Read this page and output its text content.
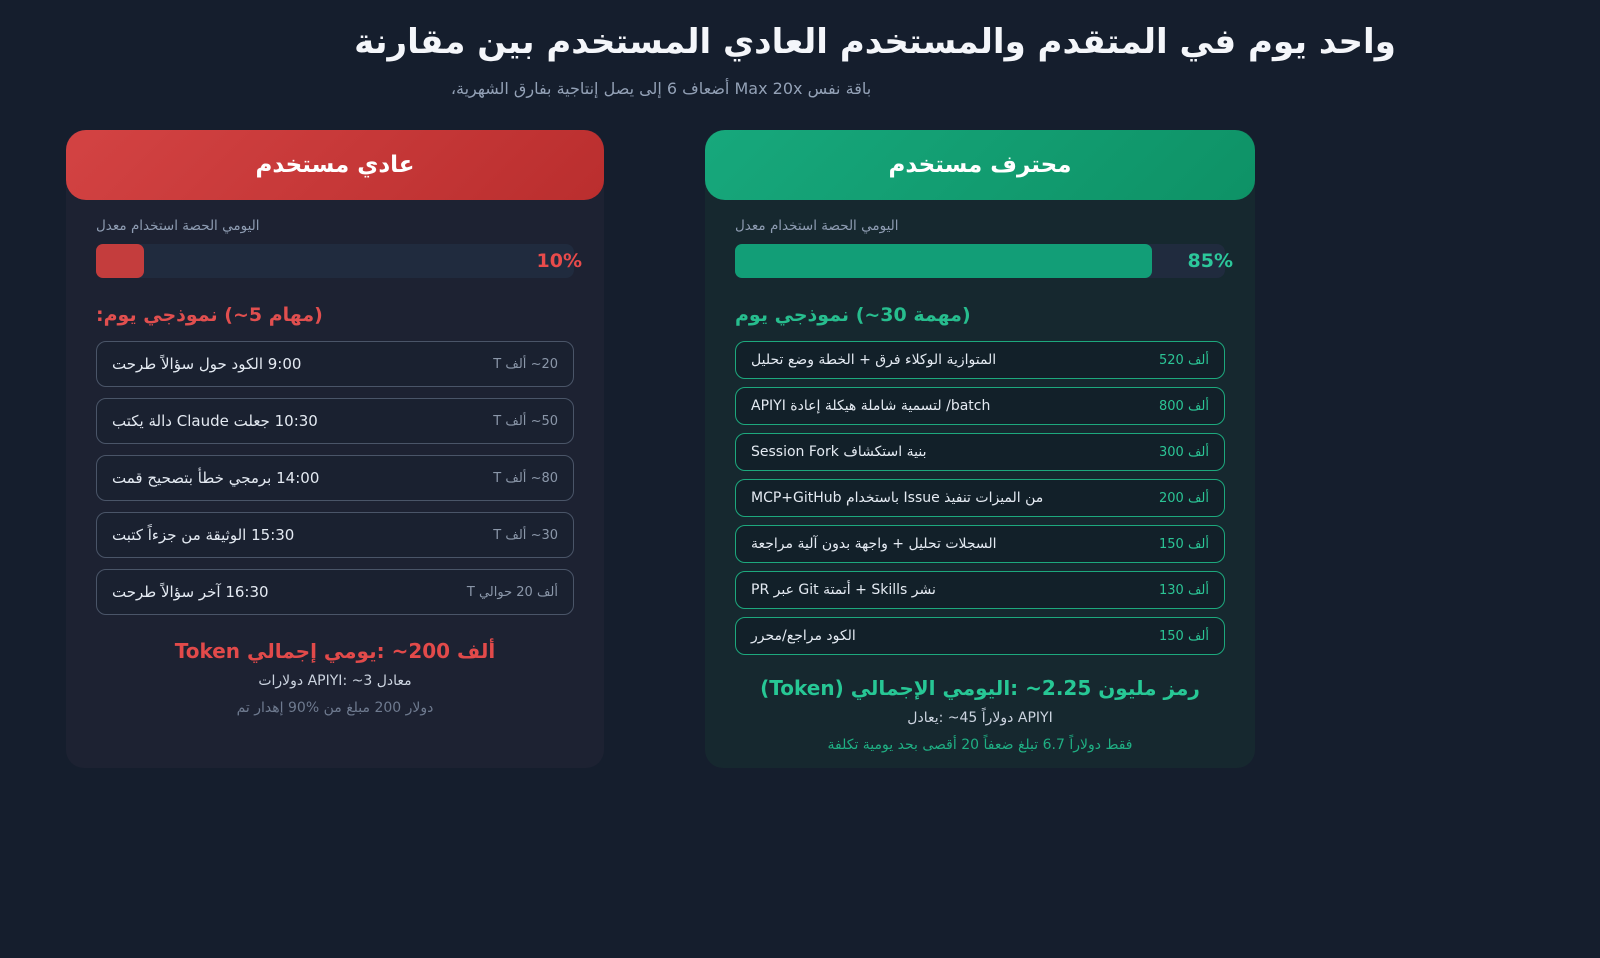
مقارنة بين المستخدم العادي والمستخدم المتقدم في يوم واحد
الشهرية، بفارق إنتاجية يصل إلى 6 أضعاف Max 20x نفس باقة
مستخدم عادي
معدل استخدام الحصة اليومي
10%
:يوم نموذجي (~5 مهام)
طرحت سؤالاً حول الكود 9:00	T ألف ~20
يكتب دالة Claude جعلت 10:30	T ألف ~50
قمت بتصحيح خطأ برمجي 14:00	T ألف ~80
كتبت جزءاً من الوثيقة 15:30	T ألف ~30
طرحت سؤالاً آخر 16:30	T حوالي 20 ألف
Token إجمالي يومي: ~200 ألف
دولارات APIYI: ~3 معادل
تم إهدار 90% من مبلغ 200 دولار
مستخدم محترف
معدل استخدام الحصة اليومي
85%
يوم نموذجي (~30 مهمة)
تحليل وضع الخطة + فرق الوكلاء المتوازية	520 ألف
APIYI إعادة هيكلة شاملة لتسمية /batch	800 ألف
Session Fork استكشاف بنية	300 ألف
MCP+GitHub باستخدام Issue تنفيذ الميزات من	200 ألف
مراجعة آلية بدون واجهة + تحليل السجلات	150 ألف
PR عبر Git أتمتة + Skills نشر	130 ألف
محرر/مراجع الكود	150 ألف
(Token) الإجمالي اليومي: ~2.25 مليون رمز
يعادل: ~45 دولاراً APIYI
تكلفة يومية بحد أقصى 20 ضعفاً تبلغ 6.7 دولاراً فقط
